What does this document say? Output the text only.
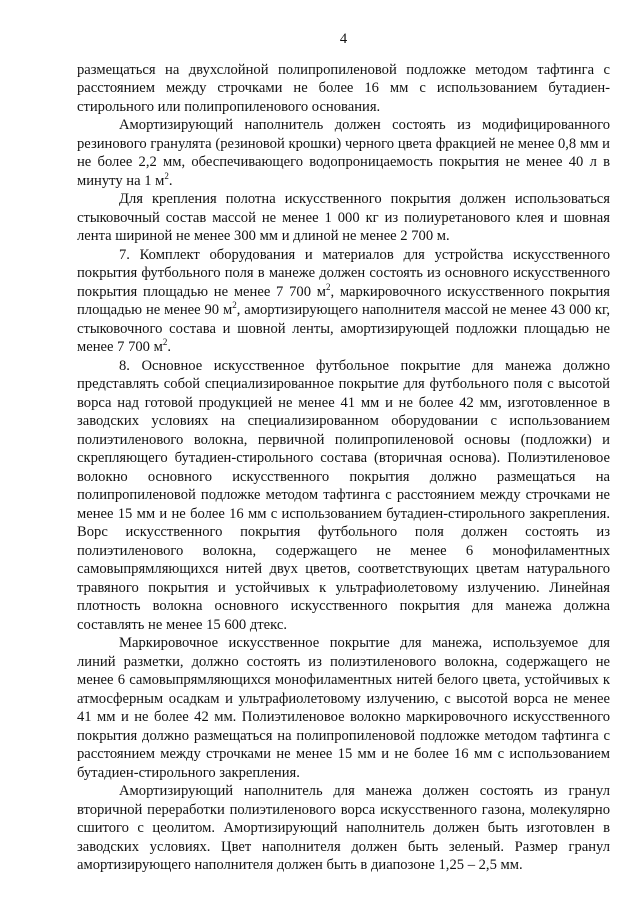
4

размещаться на двухслойной полипропиленовой подложке методом тафтинга с расстоянием между строчками не более 16 мм с использованием бутадиен-стирольного или полипропиленового основания.

Амортизирующий наполнитель должен состоять из модифицированного резинового гранулята (резиновой крошки) черного цвета фракцией не менее 0,8 мм и не более 2,2 мм, обеспечивающего водопроницаемость покрытия не менее 40 л в минуту на 1 $м^2$.

Для крепления полотна искусственного покрытия должен использоваться стыковочный состав массой не менее 1 000 кг из полиуретанового клея и шовная лента шириной не менее 300 мм и длиной не менее 2 700 м.

7. Комплект оборудования и материалов для устройства искусственного покрытия футбольного поля в манеже должен состоять из основного искусственного покрытия площадью не менее 7 700 $м^2$, маркировочного искусственного покрытия площадью не менее 90 $м^2$, амортизирующего наполнителя массой не менее 43 000 кг, стыковочного состава и шовной ленты, амортизирующей подложки площадью не менее 7 700 $м^2$.

8. Основное искусственное футбольное покрытие для манежа должно представлять собой специализированное покрытие для футбольного поля с высотой ворса над готовой продукцией не менее 41 мм и не более 42 мм, изготовленное в заводских условиях на специализированном оборудовании с использованием полиэтиленового волокна, первичной полипропиленовой основы (подложки) и скрепляющего бутадиен-стирольного состава (вторичная основа). Полиэтиленовое волокно основного искусственного покрытия должно размещаться на полипропиленовой подложке методом тафтинга с расстоянием между строчками не менее 15 мм и не более 16 мм с использованием бутадиен-стирольного закрепления. Ворс искусственного покрытия футбольного поля должен состоять из полиэтиленового волокна, содержащего не менее 6 монофиламентных самовыпрямляющихся нитей двух цветов, соответствующих цветам натурального травяного покрытия и устойчивых к ультрафиолетовому излучению. Линейная плотность волокна основного искусственного покрытия для манежа должна составлять не менее 15 600 дтекс.

Маркировочное искусственное покрытие для манежа, используемое для линий разметки, должно состоять из полиэтиленового волокна, содержащего не менее 6 самовыпрямляющихся монофиламентных нитей белого цвета, устойчивых к атмосферным осадкам и ультрафиолетовому излучению, с высотой ворса не менее 41 мм и не более 42 мм. Полиэтиленовое волокно маркировочного искусственного покрытия должно размещаться на полипропиленовой подложке методом тафтинга с расстоянием между строчками не менее 15 мм и не более 16 мм с использованием бутадиен-стирольного закрепления.

Амортизирующий наполнитель для манежа должен состоять из гранул вторичной переработки полиэтиленового ворса искусственного газона, молекулярно сшитого с цеолитом. Амортизирующий наполнитель должен быть изготовлен в заводских условиях. Цвет наполнителя должен быть зеленый. Размер гранул амортизирующего наполнителя должен быть в диапозоне 1,25 – 2,5 мм.
